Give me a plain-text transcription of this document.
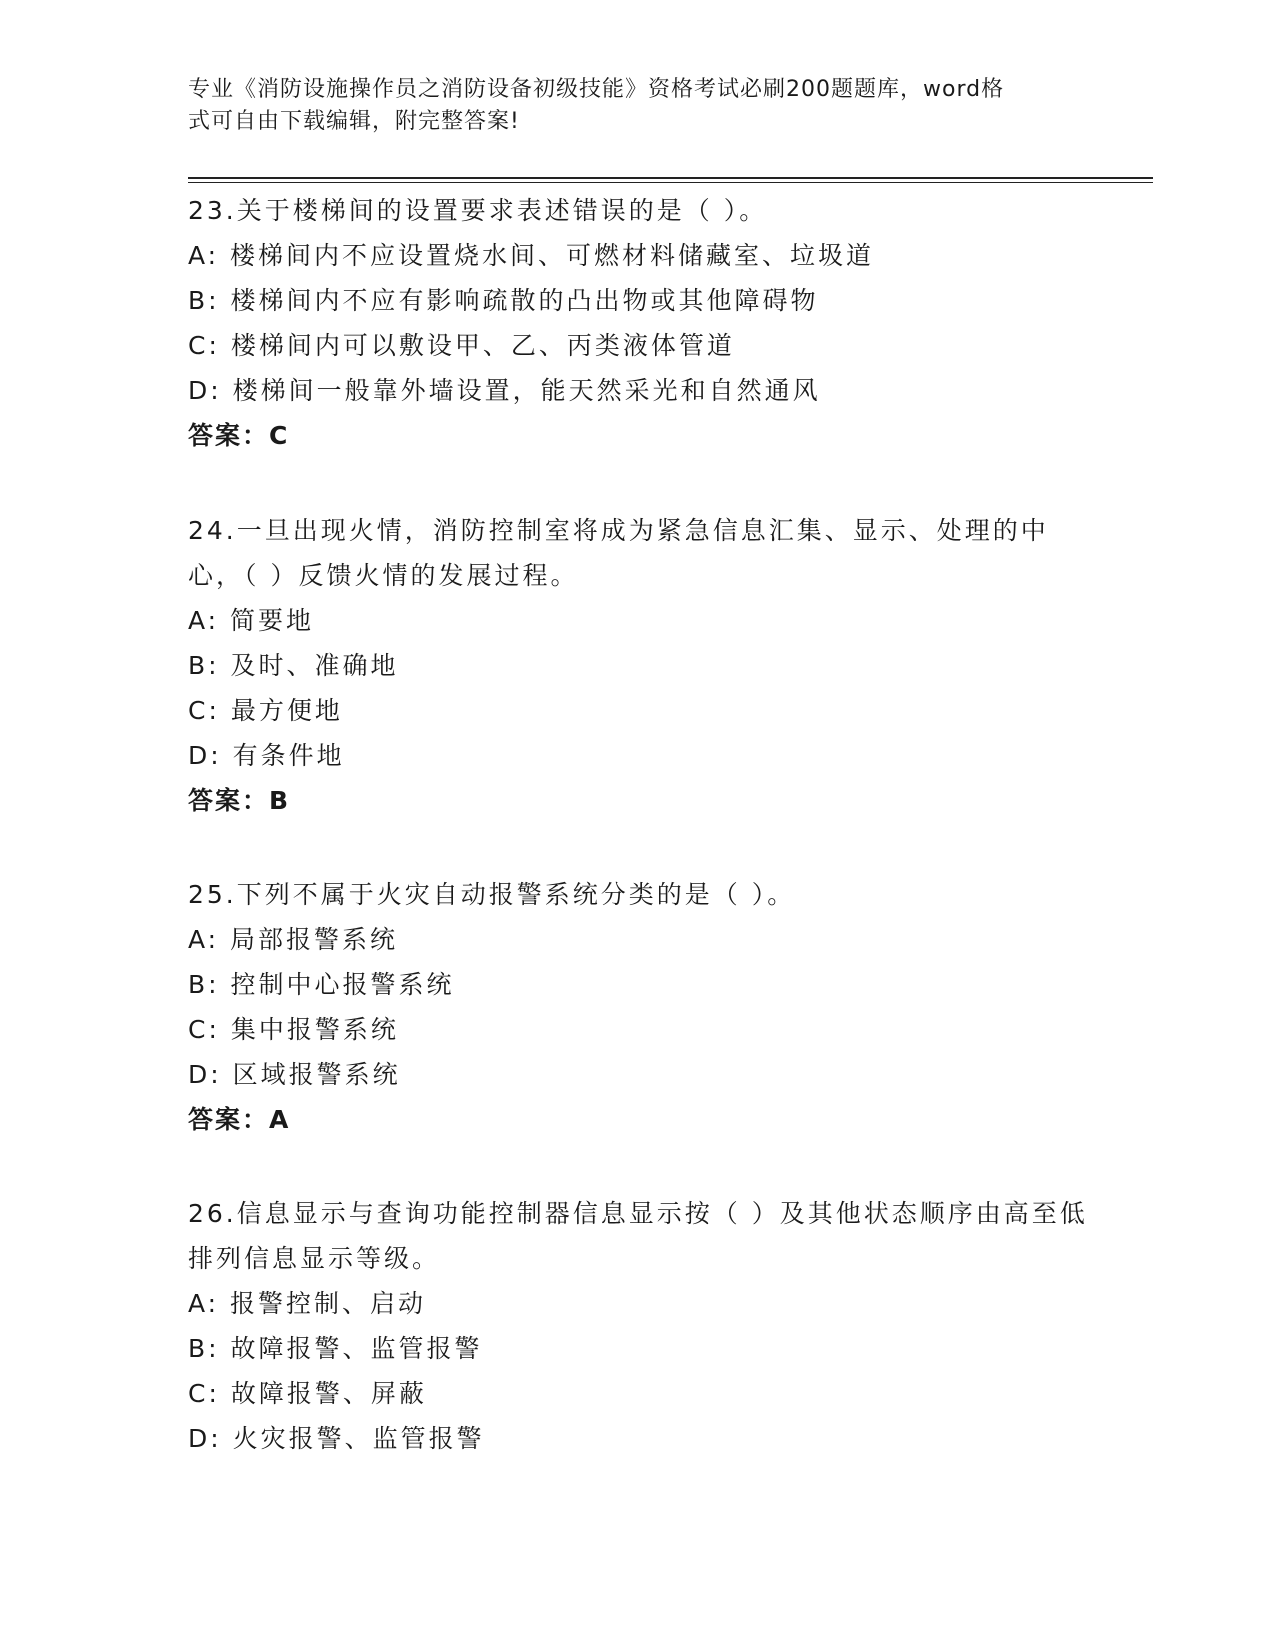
专业《消防设施操作员之消防设备初级技能》资格考试必刷200题题库，word格
式可自由下载编辑，附完整答案!

23.关于楼梯间的设置要求表述错误的是（ ）。

A: 楼梯间内不应设置烧水间、可燃材料储藏室、垃圾道

B: 楼梯间内不应有影响疏散的凸出物或其他障碍物

C: 楼梯间内可以敷设甲、乙、丙类液体管道

D: 楼梯间一般靠外墙设置，能天然采光和自然通风

答案：C

24.一旦出现火情，消防控制室将成为紧急信息汇集、显示、处理的中心，（ ）反馈火情的发展过程。

A: 简要地

B: 及时、准确地

C: 最方便地

D: 有条件地

答案：B

25.下列不属于火灾自动报警系统分类的是（ ）。

A: 局部报警系统

B: 控制中心报警系统

C: 集中报警系统

D: 区域报警系统

答案：A

26.信息显示与查询功能控制器信息显示按（ ）及其他状态顺序由高至低排列信息显示等级。

A: 报警控制、启动

B: 故障报警、监管报警

C: 故障报警、屏蔽

D: 火灾报警、监管报警
